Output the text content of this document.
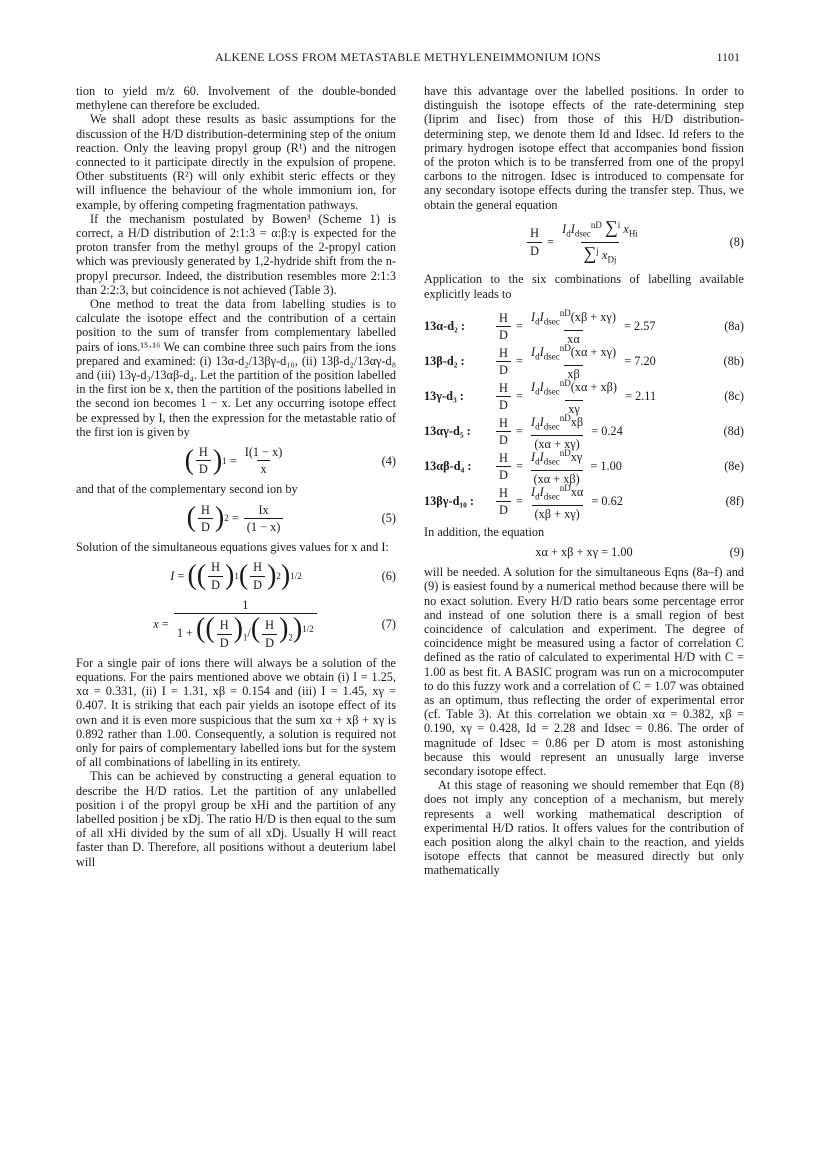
ALKENE LOSS FROM METASTABLE METHYLENEIMMONIUM IONS	1101

tion to yield m/z 60. Involvement of the double-bonded methylene can therefore be excluded.

We shall adopt these results as basic assumptions for the discussion of the H/D distribution-determining step of the onium reaction. Only the leaving propyl group (R¹) and the nitrogen connected to it participate directly in the expulsion of propene. Other substituents (R²) will only exhibit steric effects or they will influence the behaviour of the whole immonium ion, for example, by offering competing fragmentation pathways.

If the mechanism postulated by Bowen³ (Scheme 1) is correct, a H/D distribution of 2:1:3 = α:β:γ is expected for the proton transfer from the methyl groups of the 2-propyl cation which was previously generated by 1,2-hydride shift from the n-propyl precursor. Indeed, the distribution resembles more 2:1:3 than 2:2:3, but coincidence is not achieved (Table 3).

One method to treat the data from labelling studies is to calculate the isotope effect and the contribution of a certain position to the sum of transfer from complementary labelled pairs of ions.¹⁵·¹⁶ We can combine three such pairs from the ions prepared and examined: (i) 13α-d₂/13βγ-d₁₀, (ii) 13β-d₂/13αγ-d₈ and (iii) 13γ-d₃/13αβ-d₄. Let the partition of the position labelled in the first ion be x, then the partition of the positions labelled in the second ion becomes 1 − x. Let any occurring isotope effect be expressed by I, then the expression for the metastable ratio of the first ion is given by

( $\frac{H}{D}$ ) $1 = \frac{I(1 - x)}{x}$	(4)

and that of the complementary second ion by

( $\frac{H}{D}$ ) $2 = \frac{Ix}{(1 - x)}$	(5)

Solution of the simultaneous equations gives values for x and I:

I = (( $\frac{H}{D}$ ) 1 ( $\frac{H}{D}$ ) 2 ) 1/2	(6)
$x = \frac{1}{1 + (( \frac{H}{D} )_1/( \frac{H}{D} )_2)^{1/2}}$	(7)

For a single pair of ions there will always be a solution of the equations. For the pairs mentioned above we obtain (i) I = 1.25, xα = 0.331, (ii) I = 1.31, xβ = 0.154 and (iii) I = 1.45, xγ = 0.407. It is striking that each pair yields an isotope effect of its own and it is even more suspicious that the sum xα + xβ + xγ is 0.892 rather than 1.00. Consequently, a solution is required not only for pairs of complementary labelled ions but for the system of all combinations of labelling in its entirety.

This can be achieved by constructing a general equation to describe the H/D ratios. Let the partition of any unlabelled position i of the propyl group be xHi and the partition of any labelled position j be xDj. The ratio H/D is then equal to the sum of all xHi divided by the sum of all xDj. Usually H will react faster than D. Therefore, all positions without a deuterium label will

have this advantage over the labelled positions. In order to distinguish the isotope effects of the rate-determining step (Iiprim and Iisec) from those of this H/D distribution-determining step, we denote them Id and Idsec. Id refers to the primary hydrogen isotope effect that accompanies bond fission of the proton which is to be transferred from one of the propyl carbons to the nitrogen. Idsec is introduced to compensate for any secondary isotope effects during the transfer step. Thus, we obtain the general equation

$\frac{H}{D} = \frac{I_dI_{dsec}^{nD} \sum^i x_{Hi}}{\sum^j x_{Dj}}$	(8)

Application to the six combinations of labelling available explicitly leads to

13α-d₂ :	$\frac{H}{D} = \frac{I_dI_{dsec}^{nD}(x\beta + x\gamma)}{x\alpha}$
= 2.57	(8a)
13β-d₂ :	$\frac{H}{D} = \frac{I_dI_{dsec}^{nD}(x\alpha + x\gamma)}{x\beta}$
= 7.20	(8b)
13γ-d₃ :	$\frac{H}{D} = \frac{I_dI_{dsec}^{nD}(x\alpha + x\beta)}{x\gamma}$
= 2.11	(8c)
13αγ-d₅ :	$\frac{H}{D} = \frac{I_dI_{dsec}^{nD}x\beta}{(x\alpha + x\gamma)}$
= 0.24	(8d)
13αβ-d₄ :	$\frac{H}{D} = \frac{I_dI_{dsec}^{nD}x\gamma}{(x\alpha + x\beta)}$
= 1.00	(8e)
13βγ-d₁₀ :	$\frac{H}{D} = \frac{I_dI_{dsec}^{nD}x\alpha}{(x\beta + x\gamma)}$
= 0.62	(8f)

In addition, the equation

xα + xβ + xγ = 1.00	(9)

will be needed. A solution for the simultaneous Eqns (8a–f) and (9) is easiest found by a numerical method because there will be no exact solution. Every H/D ratio bears some percentage error and instead of one solution there is a small region of best coincidence of calculation and experiment. The degree of coincidence might be measured using a factor of correlation C defined as the ratio of calculated to experimental H/D with C = 1.00 as best fit. A BASIC program was run on a microcomputer to do this fuzzy work and a correlation of C = 1.07 was obtained as an optimum, thus reflecting the order of experimental error (cf. Table 3). At this correlation we obtain xα = 0.382, xβ = 0.190, xγ = 0.428, Id = 2.28 and Idsec = 0.86. The order of magnitude of Idsec = 0.86 per D atom is most astonishing because this would represent an unusually large inverse secondary isotope effect.

At this stage of reasoning we should remember that Eqn (8) does not imply any conception of a mechanism, but merely represents a well working mathematical description of experimental H/D ratios. It offers values for the contribution of each position along the alkyl chain to the reaction, and yields isotope effects that cannot be measured directly but only mathematically
